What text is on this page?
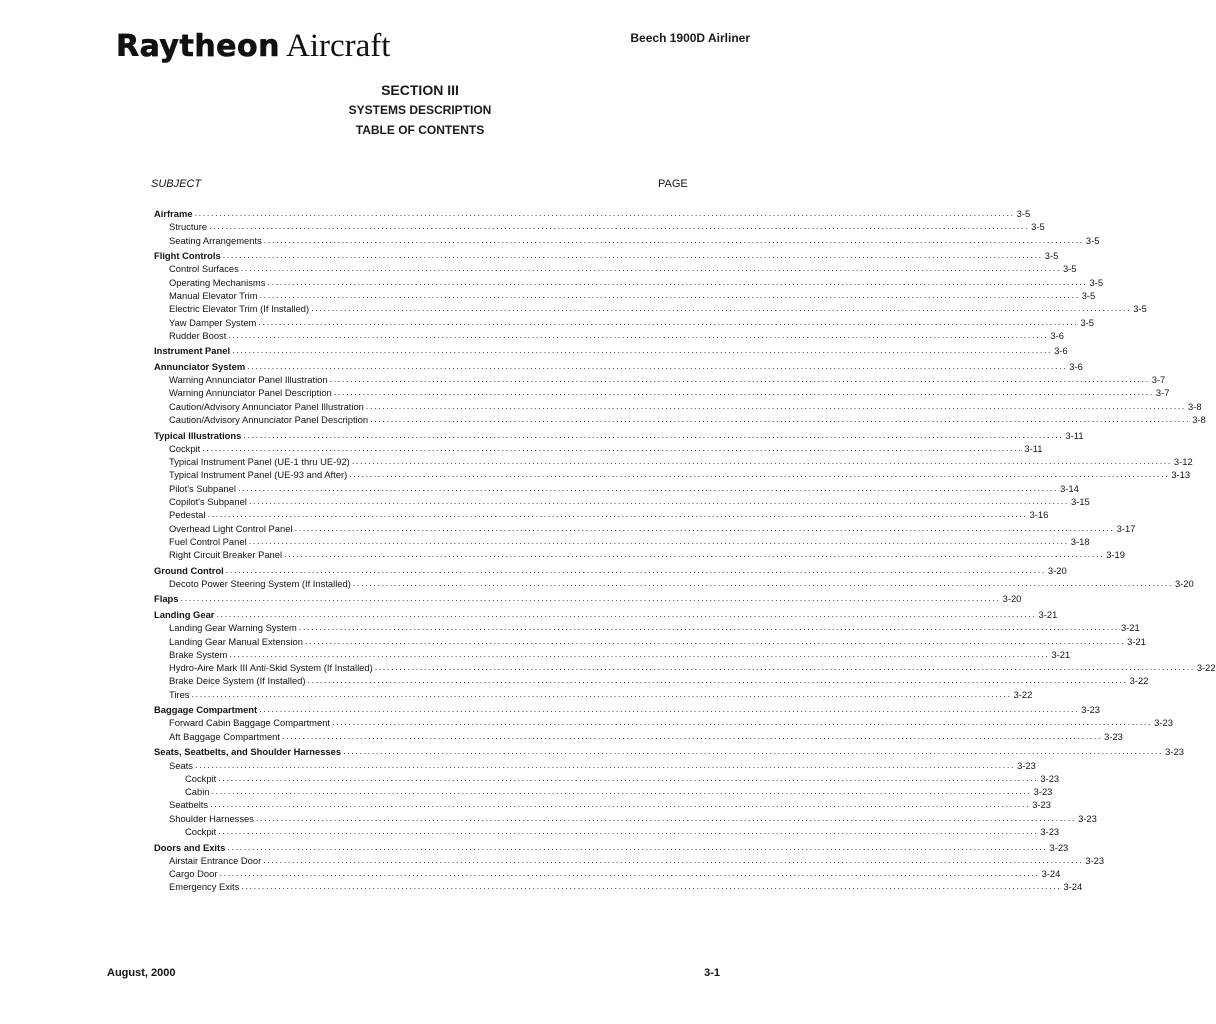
Raytheon Aircraft	Beech 1900D Airliner
SECTION III
SYSTEMS DESCRIPTION
TABLE OF CONTENTS
SUBJECT	PAGE
Airframe ........................................................................................................................................................................................................ 3-5
Structure ........................................................................................................................................................................................................ 3-5
Seating Arrangements ........................................................................................................................................................................................................ 3-5
Flight Controls ........................................................................................................................................................................................................ 3-5
Control Surfaces ........................................................................................................................................................................................................ 3-5
Operating Mechanisms ........................................................................................................................................................................................................ 3-5
Manual Elevator Trim ........................................................................................................................................................................................................ 3-5
Electric Elevator Trim (If Installed) ........................................................................................................................................................................................................ 3-5
Yaw Damper System ........................................................................................................................................................................................................ 3-5
Rudder Boost ........................................................................................................................................................................................................ 3-6
Instrument Panel ........................................................................................................................................................................................................ 3-6
Annunciator System ........................................................................................................................................................................................................ 3-6
Warning Annunciator Panel Illustration ........................................................................................................................................................................................................ 3-7
Warning Annunciator Panel Description ........................................................................................................................................................................................................ 3-7
Caution/Advisory Annunciator Panel Illustration ........................................................................................................................................................................................................ 3-8
Caution/Advisory Annunciator Panel Description ........................................................................................................................................................................................................ 3-8
Typical Illustrations ........................................................................................................................................................................................................ 3-11
Cockpit ........................................................................................................................................................................................................ 3-11
Typical Instrument Panel (UE-1 thru UE-92) ........................................................................................................................................................................................................ 3-12
Typical Instrument Panel (UE-93 and After) ........................................................................................................................................................................................................ 3-13
Pilot's Subpanel ........................................................................................................................................................................................................ 3-14
Copilot's Subpanel ........................................................................................................................................................................................................ 3-15
Pedestal ........................................................................................................................................................................................................ 3-16
Overhead Light Control Panel ........................................................................................................................................................................................................ 3-17
Fuel Control Panel ........................................................................................................................................................................................................ 3-18
Right Circuit Breaker Panel ........................................................................................................................................................................................................ 3-19
Ground Control ........................................................................................................................................................................................................ 3-20
Decoto Power Steering System (If Installed) ........................................................................................................................................................................................................ 3-20
Flaps ........................................................................................................................................................................................................ 3-20
Landing Gear ........................................................................................................................................................................................................ 3-21
Landing Gear Warning System ........................................................................................................................................................................................................ 3-21
Landing Gear Manual Extension ........................................................................................................................................................................................................ 3-21
Brake System ........................................................................................................................................................................................................ 3-21
Hydro-Aire Mark III Anti-Skid System (If Installed) ........................................................................................................................................................................................................ 3-22
Brake Deice System (If Installed) ........................................................................................................................................................................................................ 3-22
Tires ........................................................................................................................................................................................................ 3-22
Baggage Compartment ........................................................................................................................................................................................................ 3-23
Forward Cabin Baggage Compartment ........................................................................................................................................................................................................ 3-23
Aft Baggage Compartment ........................................................................................................................................................................................................ 3-23
Seats, Seatbelts, and Shoulder Harnesses ........................................................................................................................................................................................................ 3-23
Seats ........................................................................................................................................................................................................ 3-23
Cockpit ........................................................................................................................................................................................................ 3-23
Cabin ........................................................................................................................................................................................................ 3-23
Seatbelts ........................................................................................................................................................................................................ 3-23
Shoulder Harnesses ........................................................................................................................................................................................................ 3-23
Cockpit ........................................................................................................................................................................................................ 3-23
Doors and Exits ........................................................................................................................................................................................................ 3-23
Airstair Entrance Door ........................................................................................................................................................................................................ 3-23
Cargo Door ........................................................................................................................................................................................................ 3-24
Emergency Exits ........................................................................................................................................................................................................ 3-24
August, 2000	3-1
